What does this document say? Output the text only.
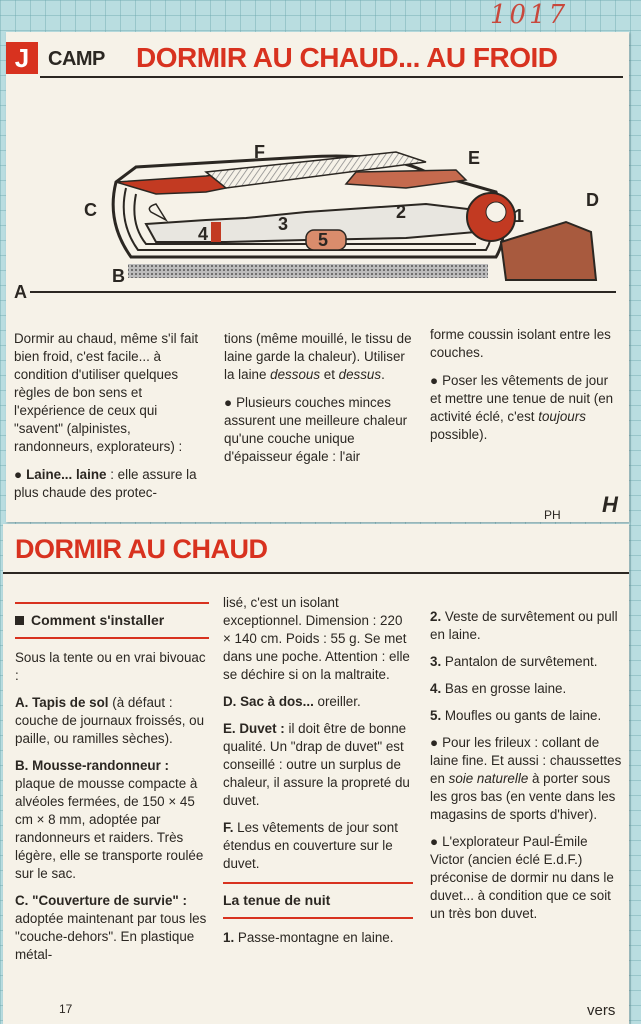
1017
J CAMP DORMIR AU CHAUD... AU FROID
A
B
C	D
E
F
1
2
3
4	5

Dormir au chaud, même s'il fait bien froid, c'est facile... à condition d'utiliser quelques règles de bon sens et l'expérience de ceux qui "savent" (alpinistes, randonneurs, explorateurs) :

● Laine... laine : elle assure la plus chaude des protec-

tions (même mouillé, le tissu de laine garde la chaleur). Utiliser la laine dessous et dessus.

● Plusieurs couches minces assurent une meilleure chaleur qu'une couche unique d'épaisseur égale : l'air

forme coussin isolant entre les couches.

● Poser les vêtements de jour et mettre une tenue de nuit (en activité éclé, c'est toujours possible).

PH H
DORMIR AU CHAUD
Comment s'installer

Sous la tente ou en vrai bivouac :

A. Tapis de sol (à défaut : couche de journaux froissés, ou paille, ou ramilles sèches).

B. Mousse-randonneur : plaque de mousse compacte à alvéoles fermées, de 150 × 45 cm × 8 mm, adoptée par randonneurs et raiders. Très légère, elle se transporte roulée sur le sac.

C. "Couverture de survie" : adoptée maintenant par tous les "couche-dehors". En plastique métal-

lisé, c'est un isolant exceptionnel. Dimension : 220 × 140 cm. Poids : 55 g. Se met dans une poche. Attention : elle se déchire si on la maltraite.

D. Sac à dos... oreiller.

E. Duvet : il doit être de bonne qualité. Un "drap de duvet" est conseillé : outre un surplus de chaleur, il assure la propreté du duvet.

F. Les vêtements de jour sont étendus en couverture sur le duvet.

La tenue de nuit

1. Passe-montagne en laine.

2. Veste de survêtement ou pull en laine.

3. Pantalon de survêtement.

4. Bas en grosse laine.

5. Moufles ou gants de laine.

● Pour les frileux : collant de laine fine. Et aussi : chaussettes en soie naturelle à porter sous les gros bas (en vente dans les magasins de sports d'hiver).

● L'explorateur Paul-Émile Victor (ancien éclé E.d.F.) préconise de dormir nu dans le duvet... à condition que ce soit un très bon duvet.

17	vers
